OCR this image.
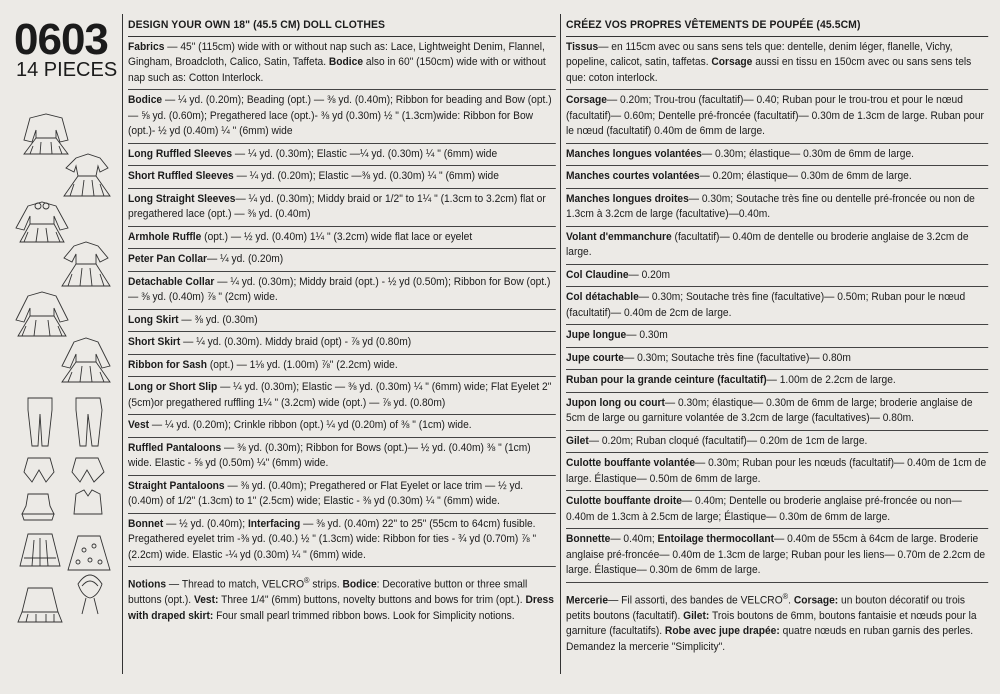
0603
14 PIECES
DESIGN YOUR OWN 18" (45.5 CM) DOLL CLOTHES
Fabrics — 45" (115cm) wide with or without nap such as: Lace, Lightweight Denim, Flannel, Gingham, Broadcloth, Calico, Satin, Taffeta. Bodice also in 60" (150cm) wide with or without nap such as: Cotton Interlock.
Bodice — ¼ yd. (0.20m); Beading (opt.) — ⅜ yd. (0.40m); Ribbon for beading and Bow (opt.) — ⅝ yd. (0.60m); Pregathered lace (opt.)- ⅜ yd (0.30m) ½ " (1.3cm)wide: Ribbon for Bow (opt.)- ½ yd (0.40m) ¼ " (6mm) wide
Long Ruffled Sleeves — ¼ yd. (0.30m); Elastic —¼ yd. (0.30m) ¼ " (6mm) wide
Short Ruffled Sleeves — ¼ yd. (0.20m); Elastic —⅜ yd. (0.30m) ¼ " (6mm) wide
Long Straight Sleeves— ¼ yd. (0.30m); Middy braid or 1/2" to 1¼ " (1.3cm to 3.2cm) flat or pregathered lace (opt.) — ⅜ yd. (0.40m)
Armhole Ruffle (opt.) — ½ yd. (0.40m) 1¼ " (3.2cm) wide flat lace or eyelet
Peter Pan Collar— ¼ yd. (0.20m)
Detachable Collar — ¼ yd. (0.30m); Middy braid (opt.) - ½ yd (0.50m); Ribbon for Bow (opt.) — ⅜ yd. (0.40m) ⅞ " (2cm) wide.
Long Skirt — ⅜ yd. (0.30m)
Short Skirt — ¼ yd. (0.30m). Middy braid (opt) - ⅞ yd (0.80m)
Ribbon for Sash (opt.) — 1⅛ yd. (1.00m) ⅞" (2.2cm) wide.
Long or Short Slip — ¼ yd. (0.30m); Elastic — ⅜ yd. (0.30m) ¼ " (6mm) wide; Flat Eyelet 2" (5cm)or pregathered ruffling 1¼ " (3.2cm) wide (opt.) — ⅞ yd. (0.80m)
Vest — ¼ yd. (0.20m); Crinkle ribbon (opt.) ¼ yd (0.20m) of ⅜ " (1cm) wide.
Ruffled Pantaloons — ⅜ yd. (0.30m); Ribbon for Bows (opt.)— ½ yd. (0.40m) ⅜ " (1cm) wide. Elastic - ⅝ yd (0.50m) ¼" (6mm) wide.
Straight Pantaloons — ⅜ yd. (0.40m); Pregathered or Flat Eyelet or lace trim — ½ yd. (0.40m) of 1/2" (1.3cm) to 1" (2.5cm) wide; Elastic - ⅜ yd (0.30m) ¼ " (6mm) wide.
Bonnet — ½ yd. (0.40m); Interfacing — ⅜ yd. (0.40m) 22" to 25" (55cm to 64cm) fusible. Pregathered eyelet trim -⅜ yd. (0.40.) ½ " (1.3cm) wide: Ribbon for ties - ¾ yd (0.70m) ⅞ " (2.2cm) wide. Elastic -¼ yd (0.30m) ¼ " (6mm) wide.
Notions — Thread to match, VELCRO® strips. Bodice: Decorative button or three small buttons (opt.). Vest: Three 1/4" (6mm) buttons, novelty buttons and bows for trim (opt.). Dress with draped skirt: Four small pearl trimmed ribbon bows. Look for Simplicity notions.
CRÉEZ VOS PROPRES VÊTEMENTS DE POUPÉE (45.5CM)
Tissus— en 115cm avec ou sans sens tels que: dentelle, denim léger, flanelle, Vichy, popeline, calicot, satin, taffetas. Corsage aussi en tissu en 150cm avec ou sans sens tels que: coton interlock.
Corsage— 0.20m; Trou-trou (facultatif)— 0.40; Ruban pour le trou-trou et pour le nœud (facultatif)— 0.60m; Dentelle pré-froncée (facultatif)— 0.30m de 1.3cm de large. Ruban pour le nœud (facultatif) 0.40m de 6mm de large.
Manches longues volantées— 0.30m; élastique— 0.30m de 6mm de large.
Manches courtes volantées— 0.20m; élastique— 0.30m de 6mm de large.
Manches longues droites— 0.30m; Soutache très fine ou dentelle pré-froncée ou non de 1.3cm à 3.2cm de large (facultative)—0.40m.
Volant d'emmanchure (facultatif)— 0.40m de dentelle ou broderie anglaise de 3.2cm de large.
Col Claudine— 0.20m
Col détachable— 0.30m; Soutache très fine (facultative)— 0.50m; Ruban pour le nœud (facultatif)— 0.40m de 2cm de large.
Jupe longue— 0.30m
Jupe courte— 0.30m; Soutache très fine (facultative)— 0.80m
Ruban pour la grande ceinture (facultatif)— 1.00m de 2.2cm de large.
Jupon long ou court— 0.30m; élastique— 0.30m de 6mm de large; broderie anglaise de 5cm de large ou garniture volantée de 3.2cm de large (facultatives)— 0.80m.
Gilet— 0.20m; Ruban cloqué (facultatif)— 0.20m de 1cm de large.
Culotte bouffante volantée— 0.30m; Ruban pour les nœuds (facultatif)— 0.40m de 1cm de large. Élastique— 0.50m de 6mm de large.
Culotte bouffante droite— 0.40m; Dentelle ou broderie anglaise pré-froncée ou non— 0.40m de 1.3cm à 2.5cm de large; Élastique— 0.30m de 6mm de large.
Bonnette— 0.40m; Entoilage thermocollant— 0.40m de 55cm à 64cm de large. Broderie anglaise pré-froncée— 0.40m de 1.3cm de large; Ruban pour les liens— 0.70m de 2.2cm de large. Élastique— 0.30m de 6mm de large.
Mercerie— Fil assorti, des bandes de VELCRO®. Corsage: un bouton décoratif ou trois petits boutons (facultatif). Gilet: Trois boutons de 6mm, boutons fantaisie et nœuds pour la garniture (facultatifs). Robe avec jupe drapée: quatre nœuds en ruban garnis des perles. Demandez la mercerie "Simplicity".
